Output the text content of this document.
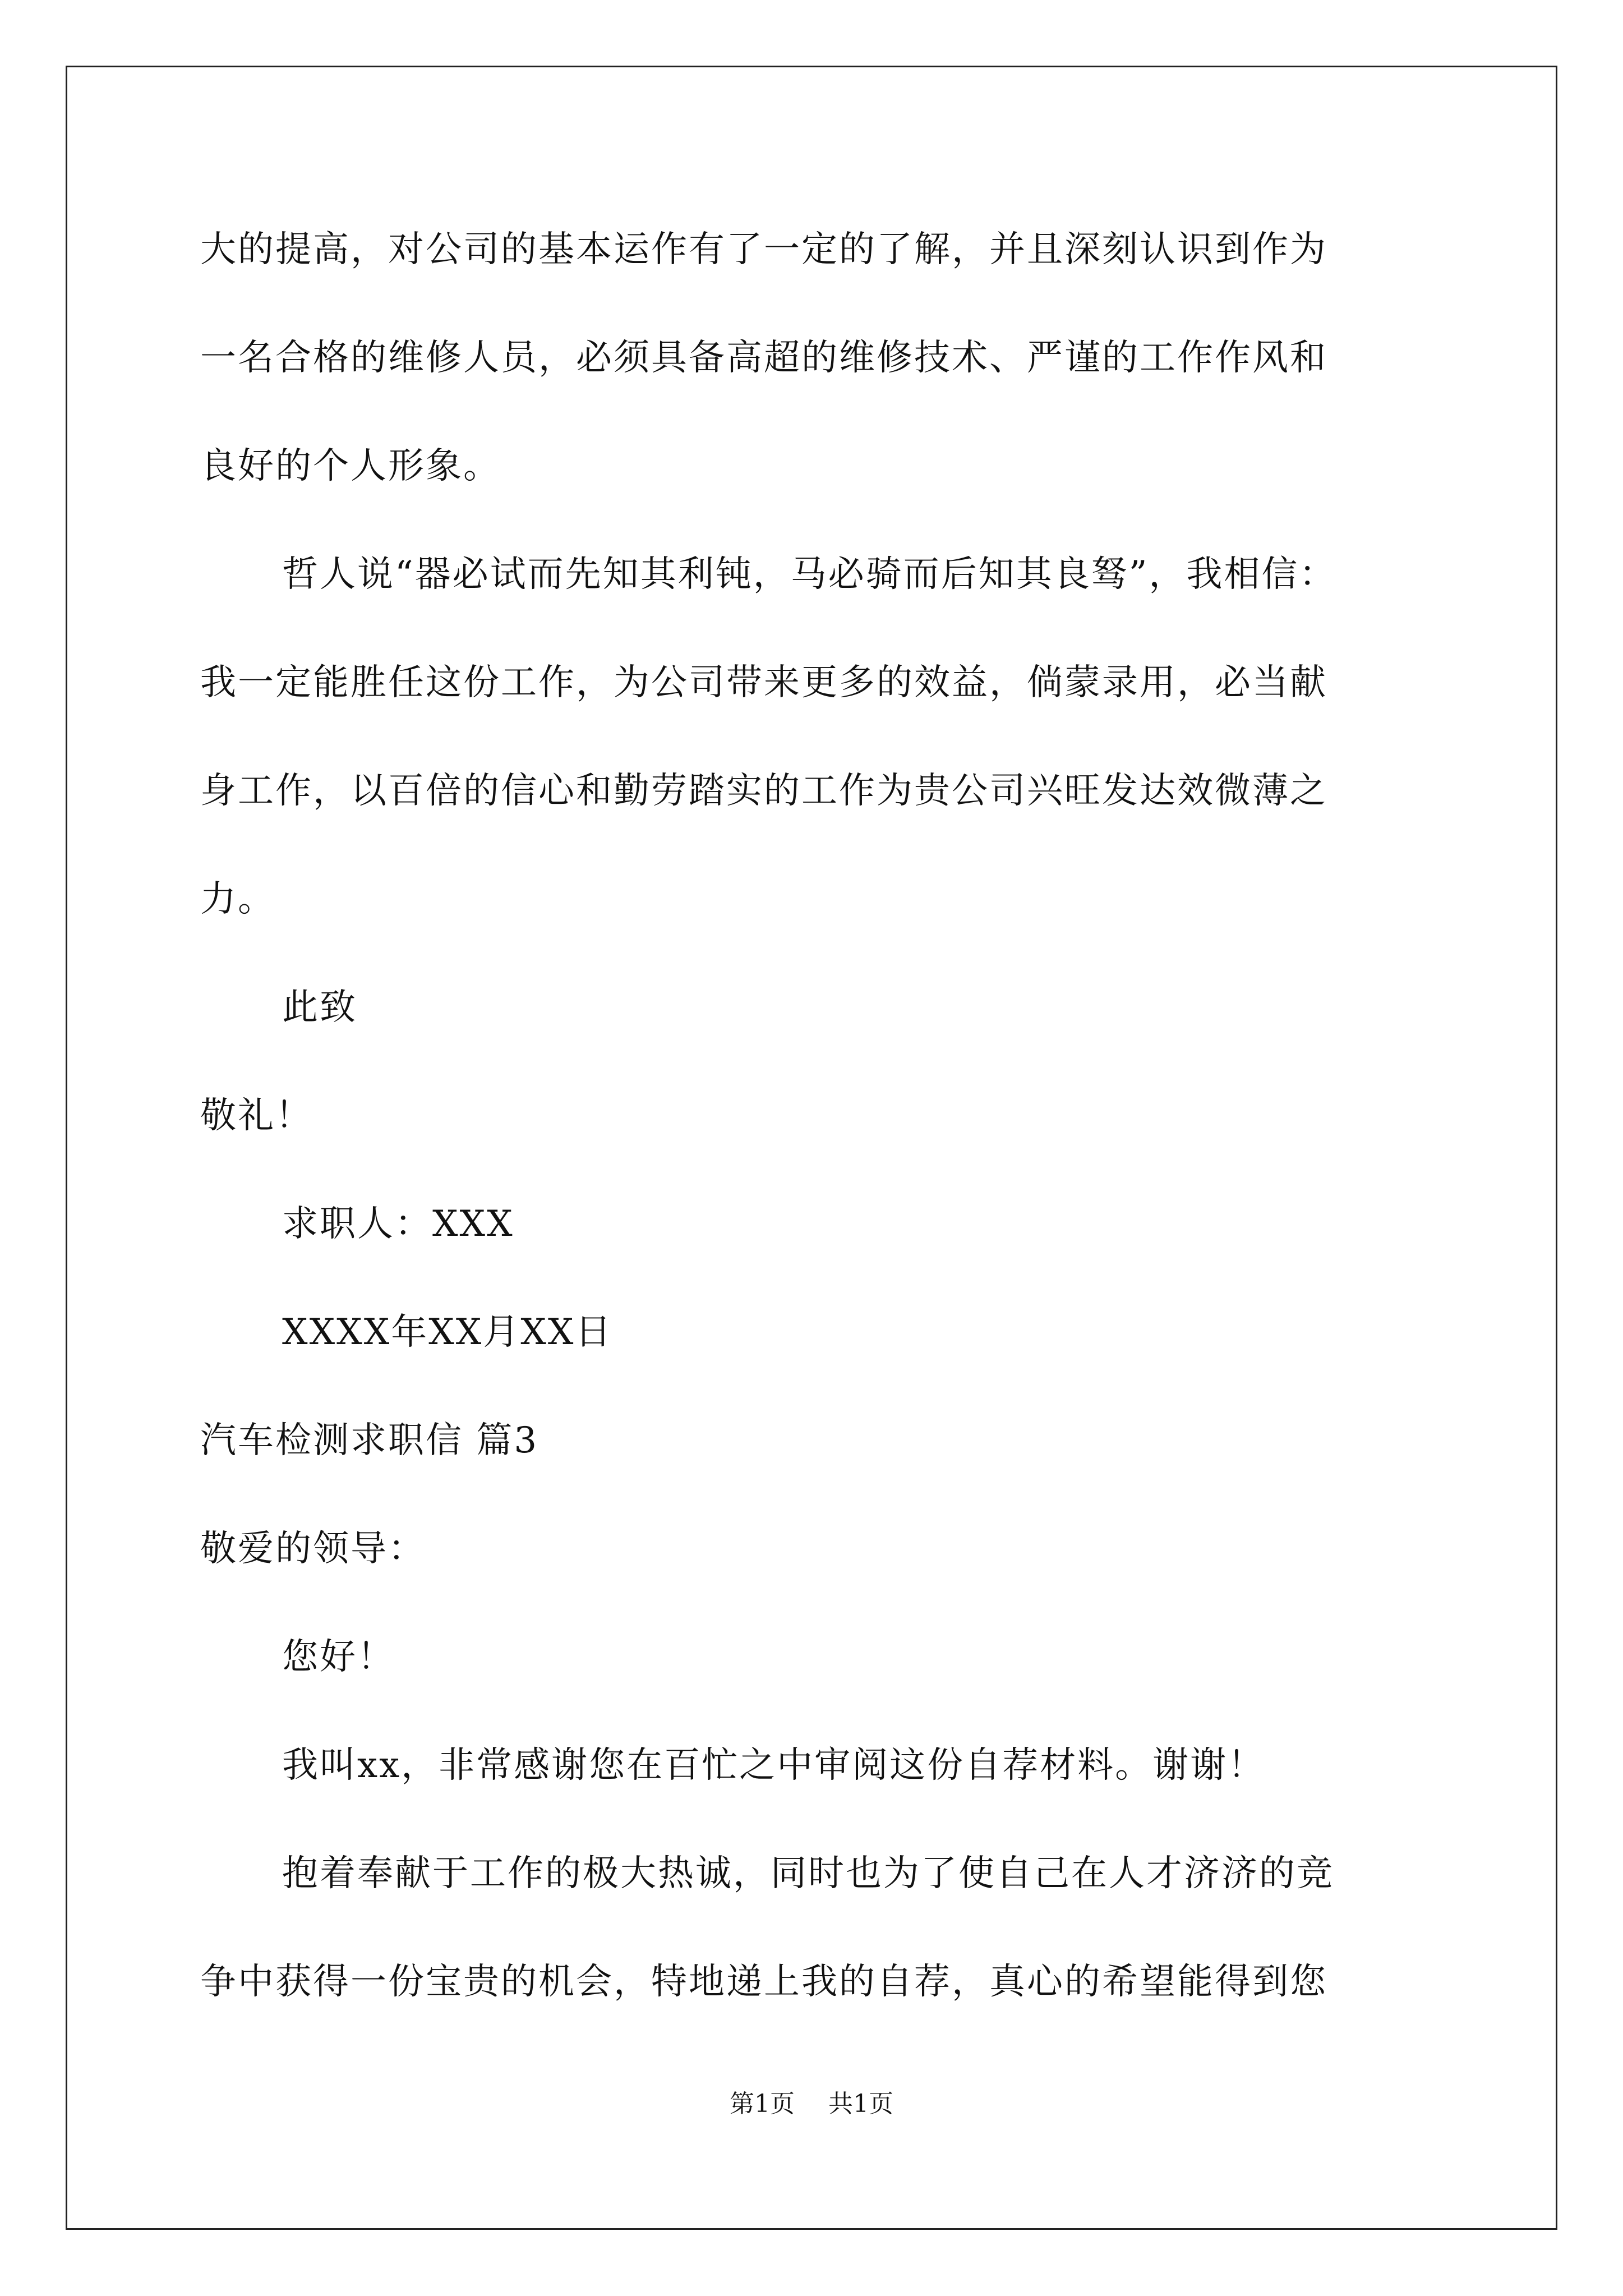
大的提高，对公司的基本运作有了一定的了解，并且深刻认识到作为

一名合格的维修人员，必须具备高超的维修技术、严谨的工作作风和

良好的个人形象。

哲人说“器必试而先知其利钝，马必骑而后知其良驽”，我相信：

我一定能胜任这份工作，为公司带来更多的效益，倘蒙录用，必当献

身工作，以百倍的信心和勤劳踏实的工作为贵公司兴旺发达效微薄之

力。

此致

敬礼！

求职人：XXX

XXXX年XX月XX日

汽车检测求职信 篇3

敬爱的领导：

您好！

我叫xx，非常感谢您在百忙之中审阅这份自荐材料。谢谢！

抱着奉献于工作的极大热诚，同时也为了使自己在人才济济的竞

争中获得一份宝贵的机会，特地递上我的自荐，真心的希望能得到您

第1页 共1页
